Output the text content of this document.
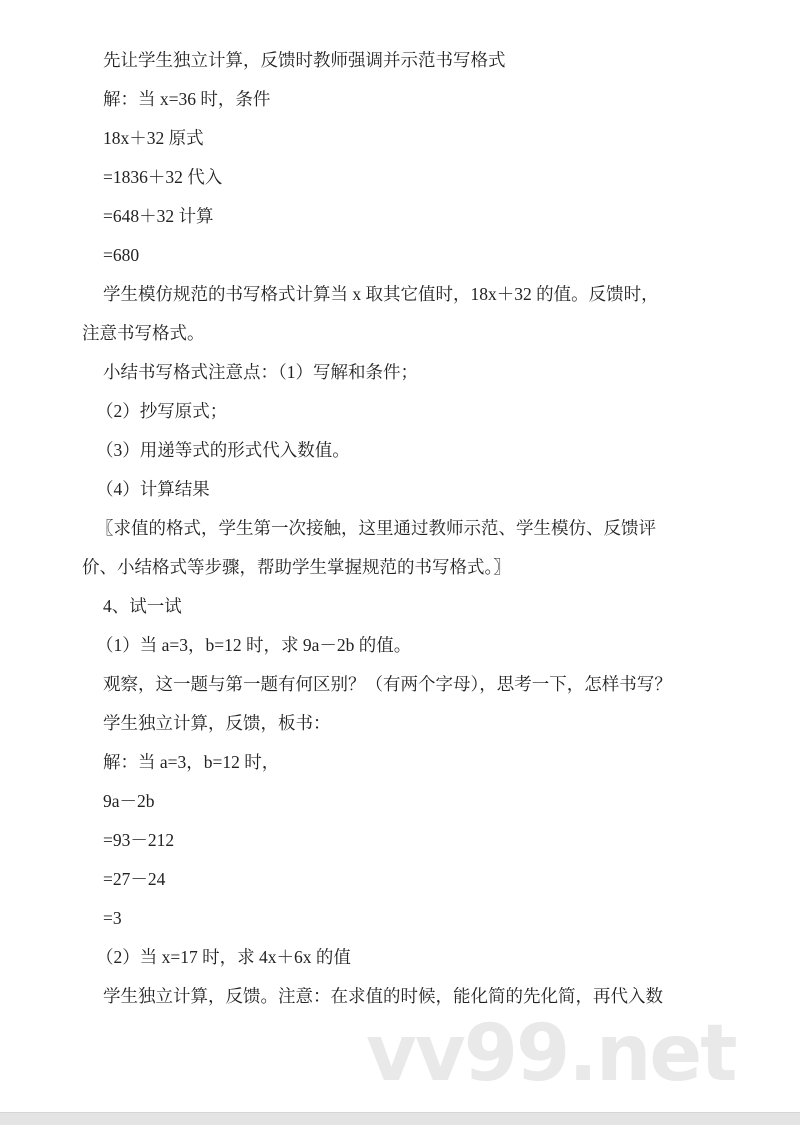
先让学生独立计算，反馈时教师强调并示范书写格式
解：当 x=36 时，条件
18x＋32 原式
=1836＋32 代入
=648＋32 计算
=680
学生模仿规范的书写格式计算当 x 取其它值时，18x＋32 的值。反馈时，
注意书写格式。
小结书写格式注意点：（1）写解和条件；
（2）抄写原式；
（3）用递等式的形式代入数值。
（4）计算结果
〖求值的格式，学生第一次接触，这里通过教师示范、学生模仿、反馈评
价、小结格式等步骤，帮助学生掌握规范的书写格式。〗
4、试一试
（1）当 a=3，b=12 时，求 9a－2b 的值。
观察，这一题与第一题有何区别？（有两个字母），思考一下，怎样书写？
学生独立计算，反馈，板书：
解：当 a=3，b=12 时，
9a－2b
=93－212
=27－24
=3
（2）当 x=17 时，求 4x＋6x 的值
学生独立计算，反馈。注意：在求值的时候，能化简的先化简，再代入数
vv99.net
